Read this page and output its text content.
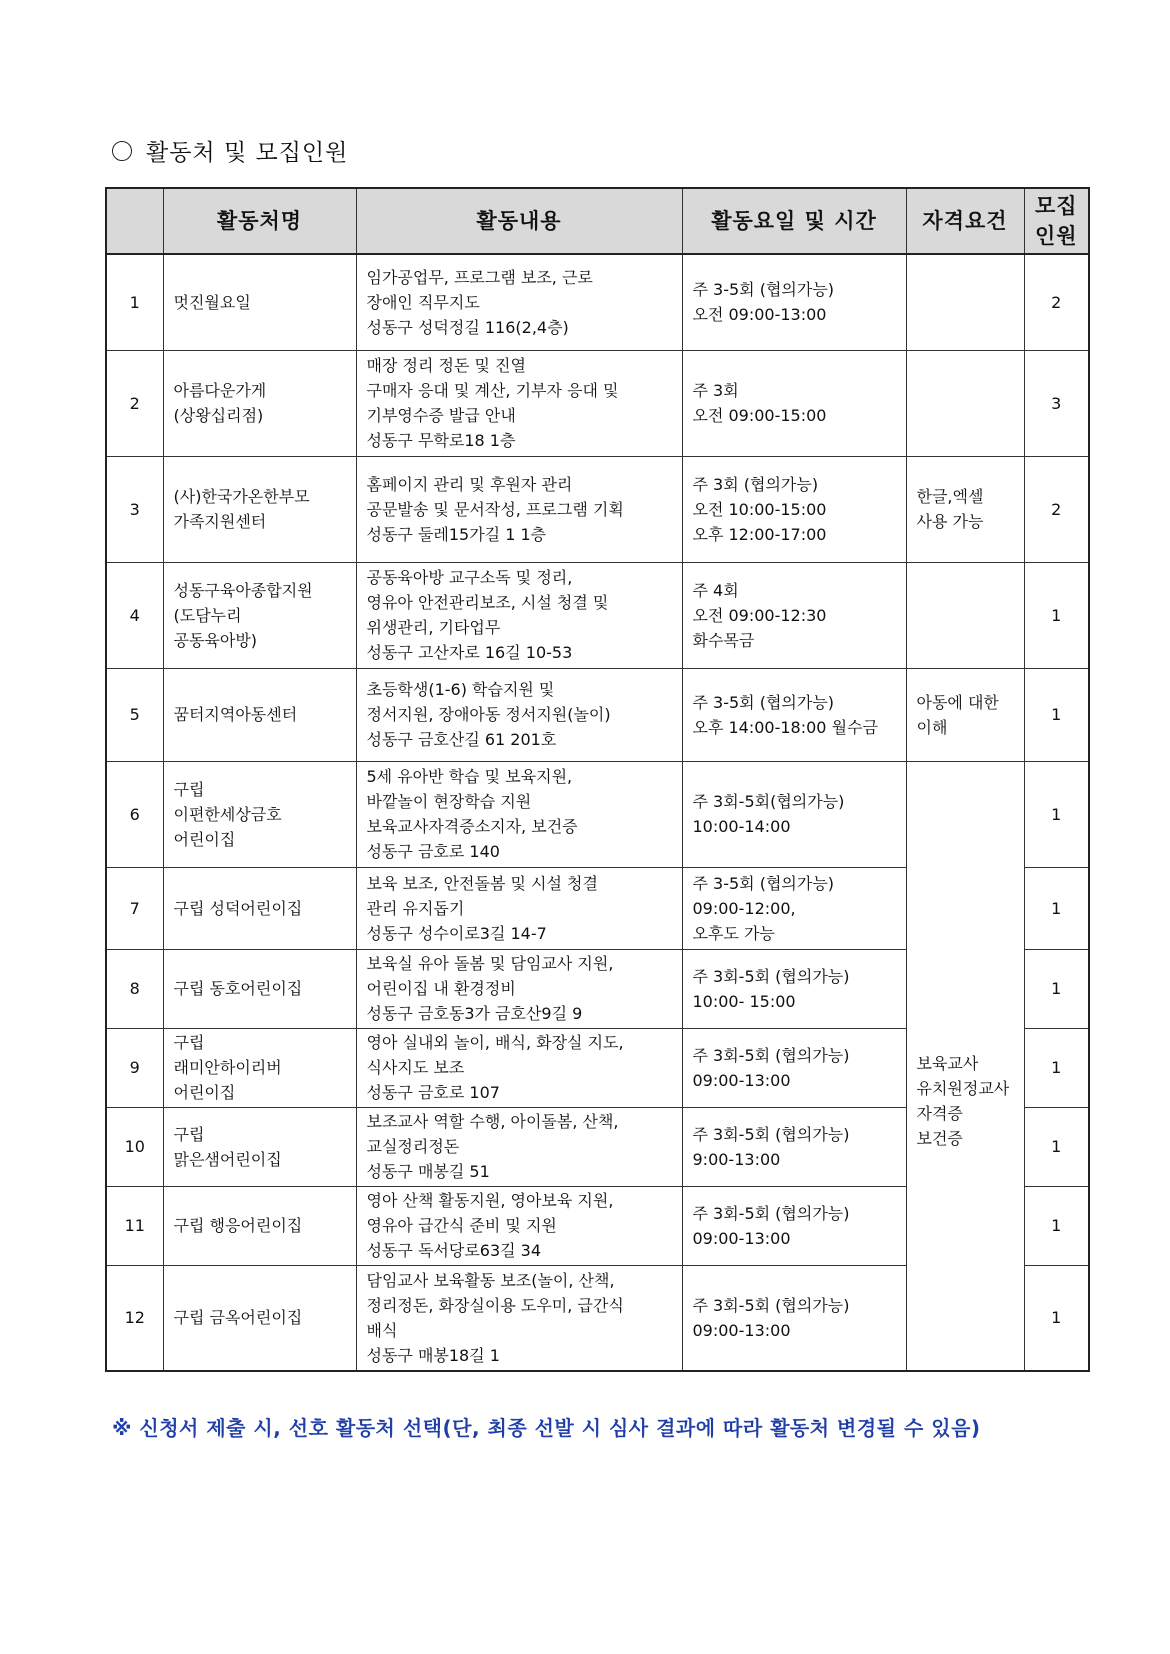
활동처 및 모집인원
	활동처명	활동내용	활동요일 및 시간	자격요건	모집
인원

1	멋진월요일	임가공업무, 프로그램 보조, 근로
장애인 직무지도
성동구 성덕정길 116(2,4층)	주 3-5회 (협의가능)
오전 09:00-13:00		2
2	아름다운가게
(상왕십리점)	매장 정리 정돈 및 진열
구매자 응대 및 계산, 기부자 응대 및
기부영수증 발급 안내
성동구 무학로18 1층	주 3회
오전 09:00-15:00		3
3	(사)한국가온한부모
가족지원센터	홈페이지 관리 및 후원자 관리
공문발송 및 문서작성, 프로그램 기획
성동구 둘레15가길 1 1층	주 3회 (협의가능)
오전 10:00-15:00
오후 12:00-17:00	한글,엑셀
사용 가능	2
4	성동구육아종합지원
(도담누리
공동육아방)	공동육아방 교구소독 및 정리,
영유아 안전관리보조, 시설 청결 및
위생관리, 기타업무
성동구 고산자로 16길 10-53	주 4회
오전 09:00-12:30
화수목금		1
5	꿈터지역아동센터	초등학생(1-6) 학습지원 및
정서지원, 장애아동 정서지원(놀이)
성동구 금호산길 61 201호	주 3-5회 (협의가능)
오후 14:00-18:00 월수금	아동에 대한
이해	1
6	구립
이편한세상금호
어린이집	5세 유아반 학습 및 보육지원,
바깥놀이 현장학습 지원
보육교사자격증소지자, 보건증
성동구 금호로 140	주 3회-5회(협의가능)
10:00-14:00	보육교사
유치원정교사
자격증
보건증	1
7	구립 성덕어린이집	보육 보조, 안전돌봄 및 시설 청결
관리 유지돕기
성동구 성수이로3길 14-7	주 3-5회 (협의가능)
09:00-12:00,
오후도 가능		1
8	구립 동호어린이집	보육실 유아 돌봄 및 담임교사 지원,
어린이집 내 환경정비
성동구 금호동3가 금호산9길 9	주 3회-5회 (협의가능)
10:00- 15:00		1
9	구립
래미안하이리버
어린이집	영아 실내외 놀이, 배식, 화장실 지도,
식사지도 보조
성동구 금호로 107	주 3회-5회 (협의가능)
09:00-13:00		1
10	구립
맑은샘어린이집	보조교사 역할 수행, 아이돌봄, 산책,
교실정리정돈
성동구 매봉길 51	주 3회-5회 (협의가능)
9:00-13:00		1
11	구립 행응어린이집	영아 산책 활동지원, 영아보육 지원,
영유아 급간식 준비 및 지원
성동구 독서당로63길 34	주 3회-5회 (협의가능)
09:00-13:00		1
12	구립 금옥어린이집	담임교사 보육활동 보조(놀이, 산책,
정리정돈, 화장실이용 도우미, 급간식
배식
성동구 매봉18길 1	주 3회-5회 (협의가능)
09:00-13:00		1
※ 신청서 제출 시, 선호 활동처 선택(단, 최종 선발 시 심사 결과에 따라 활동처 변경될 수 있음)
